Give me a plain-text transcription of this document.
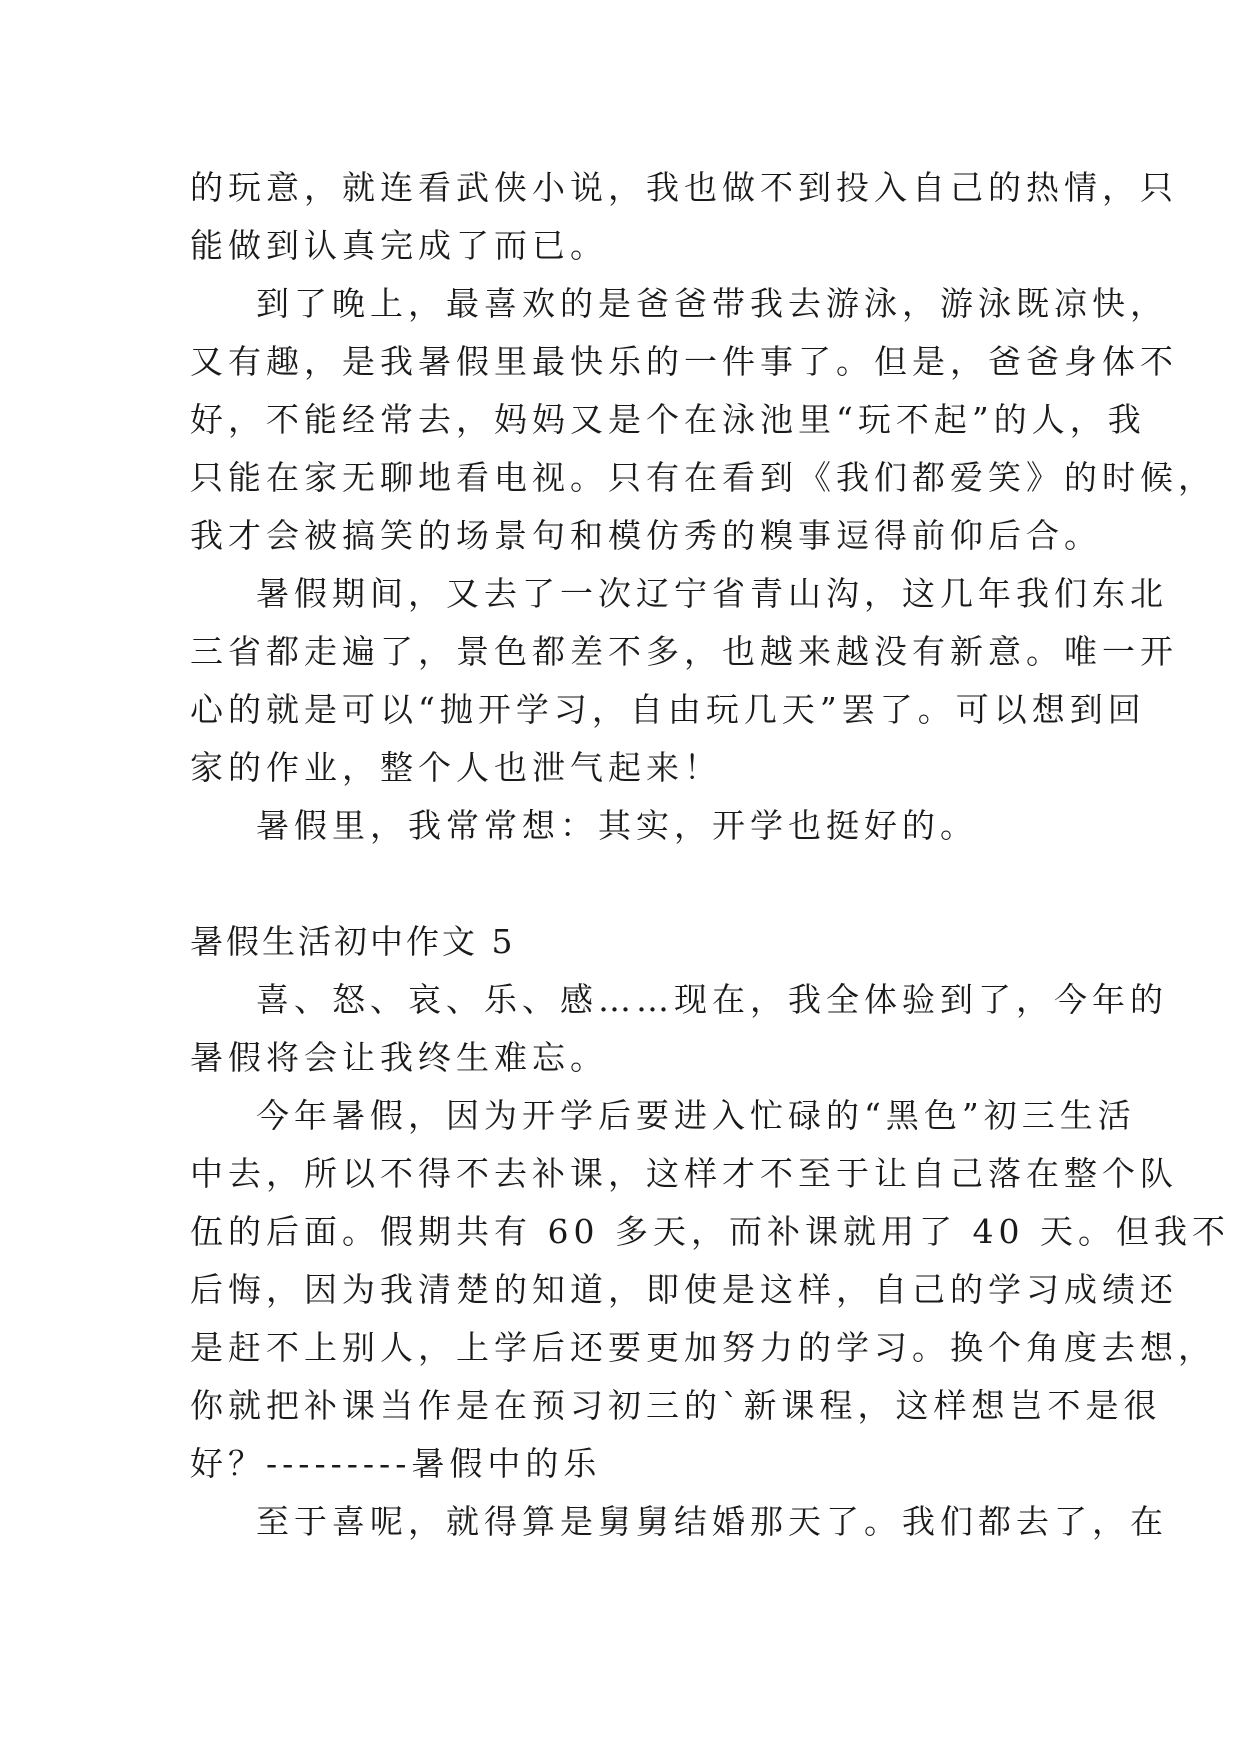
的玩意，就连看武侠小说，我也做不到投入自己的热情，只
能做到认真完成了而已。
到了晚上，最喜欢的是爸爸带我去游泳，游泳既凉快，
又有趣，是我暑假里最快乐的一件事了。但是，爸爸身体不
好，不能经常去，妈妈又是个在泳池里“玩不起”的人，我
只能在家无聊地看电视。只有在看到《我们都爱笑》的时候，
我才会被搞笑的场景句和模仿秀的糗事逗得前仰后合。
暑假期间，又去了一次辽宁省青山沟，这几年我们东北
三省都走遍了，景色都差不多，也越来越没有新意。唯一开
心的就是可以“抛开学习，自由玩几天”罢了。可以想到回
家的作业，整个人也泄气起来！
暑假里，我常常想：其实，开学也挺好的。
暑假生活初中作文 5
喜、怒、哀、乐、感……现在，我全体验到了，今年的
暑假将会让我终生难忘。
今年暑假，因为开学后要进入忙碌的“黑色”初三生活
中去，所以不得不去补课，这样才不至于让自己落在整个队
伍的后面。假期共有 60 多天，而补课就用了 40 天。但我不
后悔，因为我清楚的知道，即使是这样，自己的学习成绩还
是赶不上别人，上学后还要更加努力的学习。换个角度去想，
你就把补课当作是在预习初三的`新课程，这样想岂不是很
好？---------暑假中的乐
至于喜呢，就得算是舅舅结婚那天了。我们都去了，在
